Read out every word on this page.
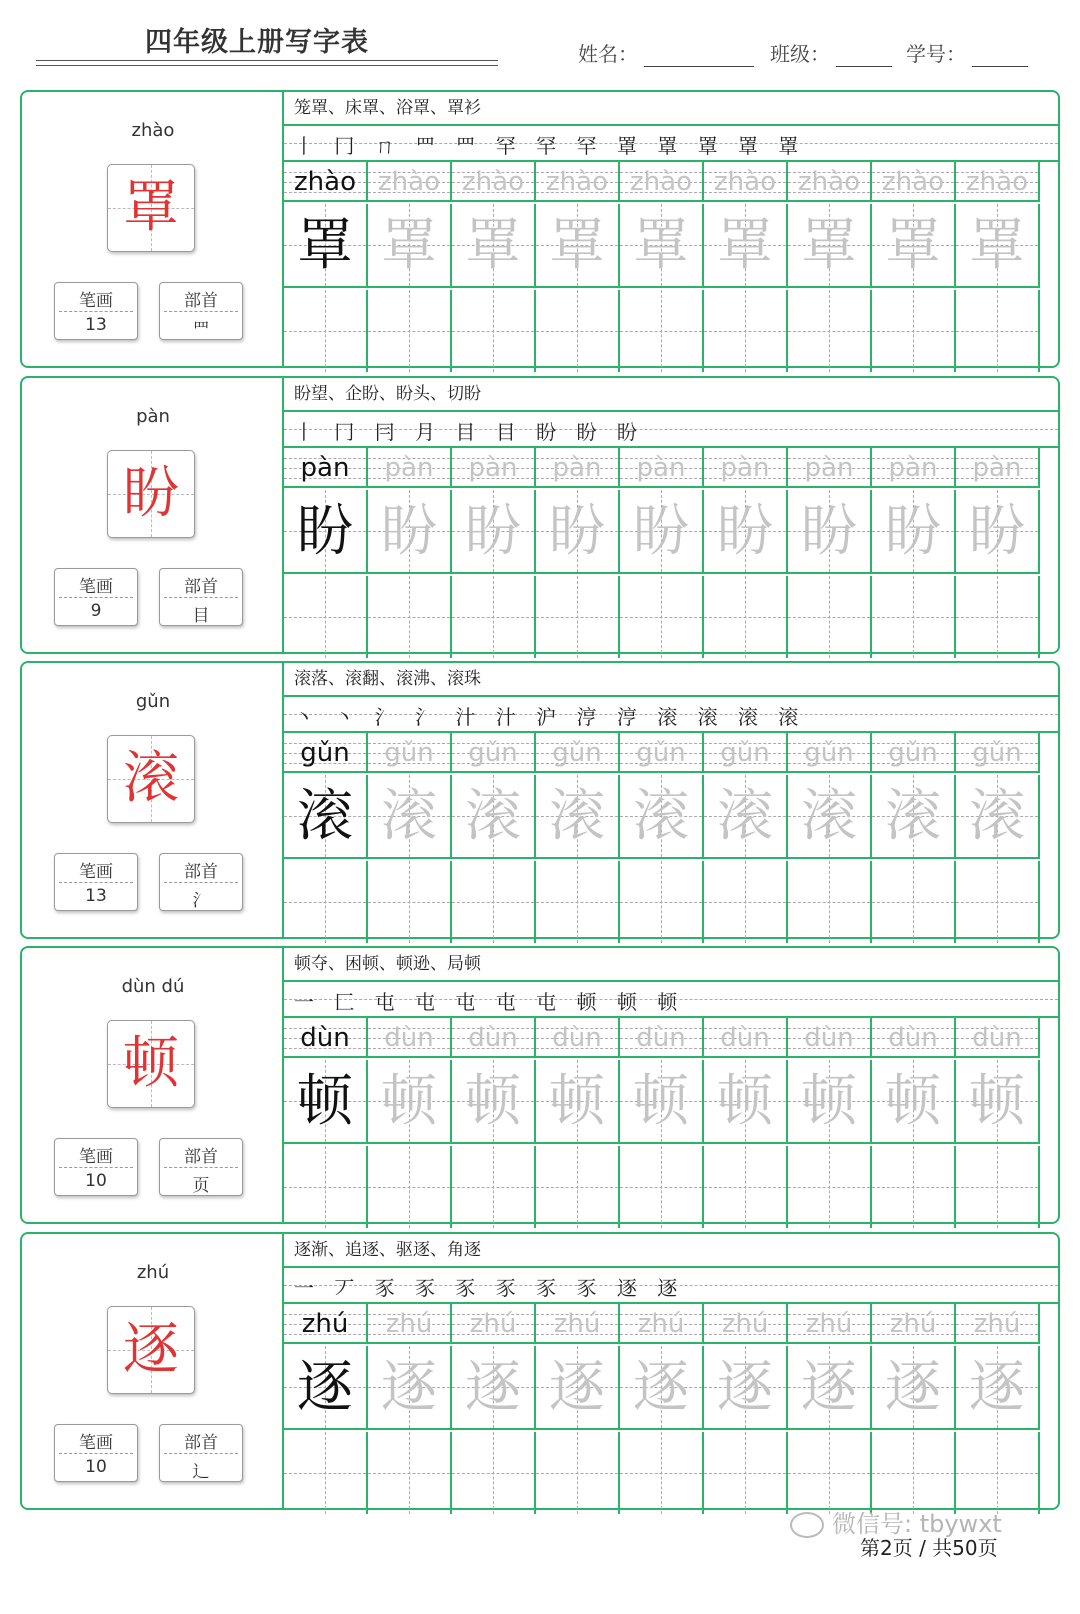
四年级上册写字表	姓名：	班级：	学号：
zhào
罩
笔画
13
部首
罒
笼罩、床罩、浴罩、罩衫
丨 冂 ㄇ 罒 罒 罕 罕 罕 罩 罩 罩 罩 罩
zhào
罩
zhào
罩
zhào
罩
zhào
罩
zhào
罩
zhào
罩
zhào
罩
zhào
罩
zhào
罩
pàn
盼
笔画
9
部首
目
盼望、企盼、盼头、切盼
丨 冂 冃 月 目 目 盼 盼 盼
pàn
盼
pàn
盼
pàn
盼
pàn
盼
pàn
盼
pàn
盼
pàn
盼
pàn
盼
pàn
盼
gǔn
滚
笔画
13
部首
氵
滚落、滚翻、滚沸、滚珠
丶 丶 氵 氵 汁 汁 沪 涥 涥 滚 滚 滚 滚
gǔn
滚
gǔn
滚
gǔn
滚
gǔn
滚
gǔn
滚
gǔn
滚
gǔn
滚
gǔn
滚
gǔn
滚
dùn dú
顿
笔画
10
部首
页
顿夺、困顿、顿逊、局顿
一 匚 屯 屯 屯 屯 屯 顿 顿 顿
dùn
顿
dùn
顿
dùn
顿
dùn
顿
dùn
顿
dùn
顿
dùn
顿
dùn
顿
dùn
顿
zhú
逐
笔画
10
部首
辶
逐渐、追逐、驱逐、角逐
一 丆 豕 豕 豕 豕 豕 豕 逐 逐
zhú
逐
zhú
逐
zhú
逐
zhú
逐
zhú
逐
zhú
逐
zhú
逐
zhú
逐
zhú
逐
微信号: tbywxt
第2页 / 共50页
